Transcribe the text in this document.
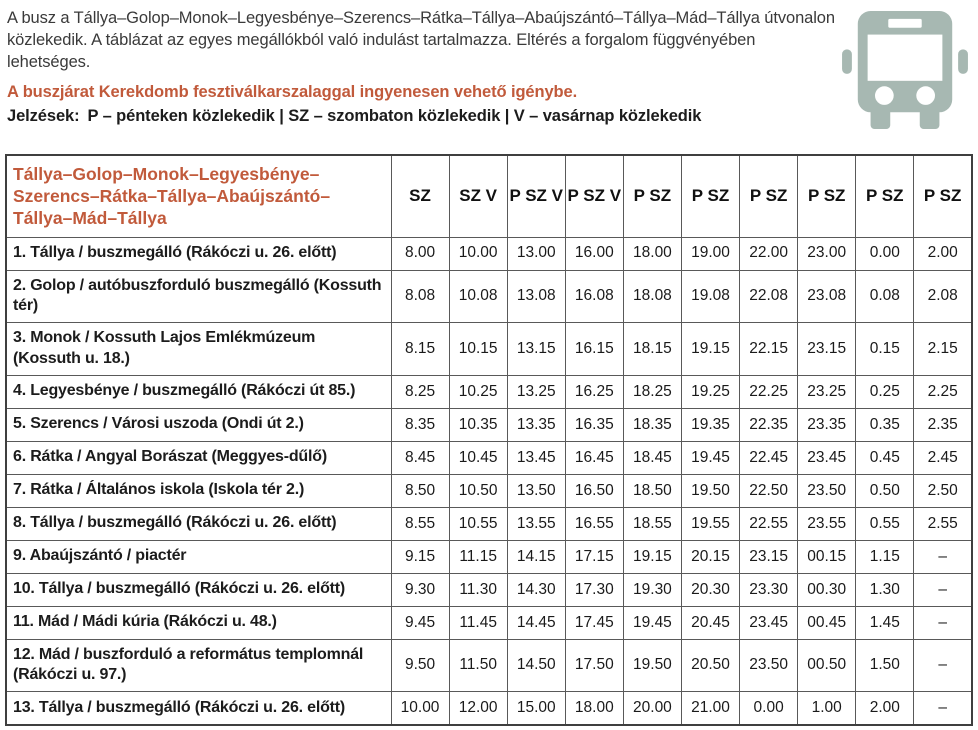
A busz a Tállya–Golop–Monok–Legyesbénye–Szerencs–Rátka–Tállya–Abaújszántó–Tállya–Mád–Tállya útvonalon közlekedik. A táblázat az egyes megállókból való indulást tartalmazza. Eltérés a forgalom függvényében lehetséges.

A buszjárat Kerekdomb fesztiválkarszalaggal ingyenesen vehető igénybe.

Jelzések: P – pénteken közlekedik | SZ – szombaton közlekedik | V – vasárnap közlekedik

Tállya–Golop–Monok–Legyesbénye–Szerencs–Rátka–Tállya–Abaújszántó–Tállya–Mád–Tállya	SZ	SZ V	P SZ V	P SZ V	P SZ	P SZ	P SZ	P SZ	P SZ	P SZ
1. Tállya / buszmegálló (Rákóczi u. 26. előtt)	8.00	10.00	13.00	16.00	18.00	19.00	22.00	23.00	0.00	2.00
2. Golop / autóbuszforduló buszmegálló (Kossuth tér)	8.08	10.08	13.08	16.08	18.08	19.08	22.08	23.08	0.08	2.08
3. Monok / Kossuth Lajos Emlékmúzeum (Kossuth u. 18.)	8.15	10.15	13.15	16.15	18.15	19.15	22.15	23.15	0.15	2.15
4. Legyesbénye / buszmegálló (Rákóczi út 85.)	8.25	10.25	13.25	16.25	18.25	19.25	22.25	23.25	0.25	2.25
5. Szerencs / Városi uszoda (Ondi út 2.)	8.35	10.35	13.35	16.35	18.35	19.35	22.35	23.35	0.35	2.35
6. Rátka / Angyal Borászat (Meggyes-dűlő)	8.45	10.45	13.45	16.45	18.45	19.45	22.45	23.45	0.45	2.45
7. Rátka / Általános iskola (Iskola tér 2.)	8.50	10.50	13.50	16.50	18.50	19.50	22.50	23.50	0.50	2.50
8. Tállya / buszmegálló (Rákóczi u. 26. előtt)	8.55	10.55	13.55	16.55	18.55	19.55	22.55	23.55	0.55	2.55
9. Abaújszántó / piactér	9.15	11.15	14.15	17.15	19.15	20.15	23.15	00.15	1.15	–
10. Tállya / buszmegálló (Rákóczi u. 26. előtt)	9.30	11.30	14.30	17.30	19.30	20.30	23.30	00.30	1.30	–
11. Mád / Mádi kúria (Rákóczi u. 48.)	9.45	11.45	14.45	17.45	19.45	20.45	23.45	00.45	1.45	–
12. Mád / buszforduló a református templomnál (Rákóczi u. 97.)	9.50	11.50	14.50	17.50	19.50	20.50	23.50	00.50	1.50	–
13. Tállya / buszmegálló (Rákóczi u. 26. előtt)	10.00	12.00	15.00	18.00	20.00	21.00	0.00	1.00	2.00	–
